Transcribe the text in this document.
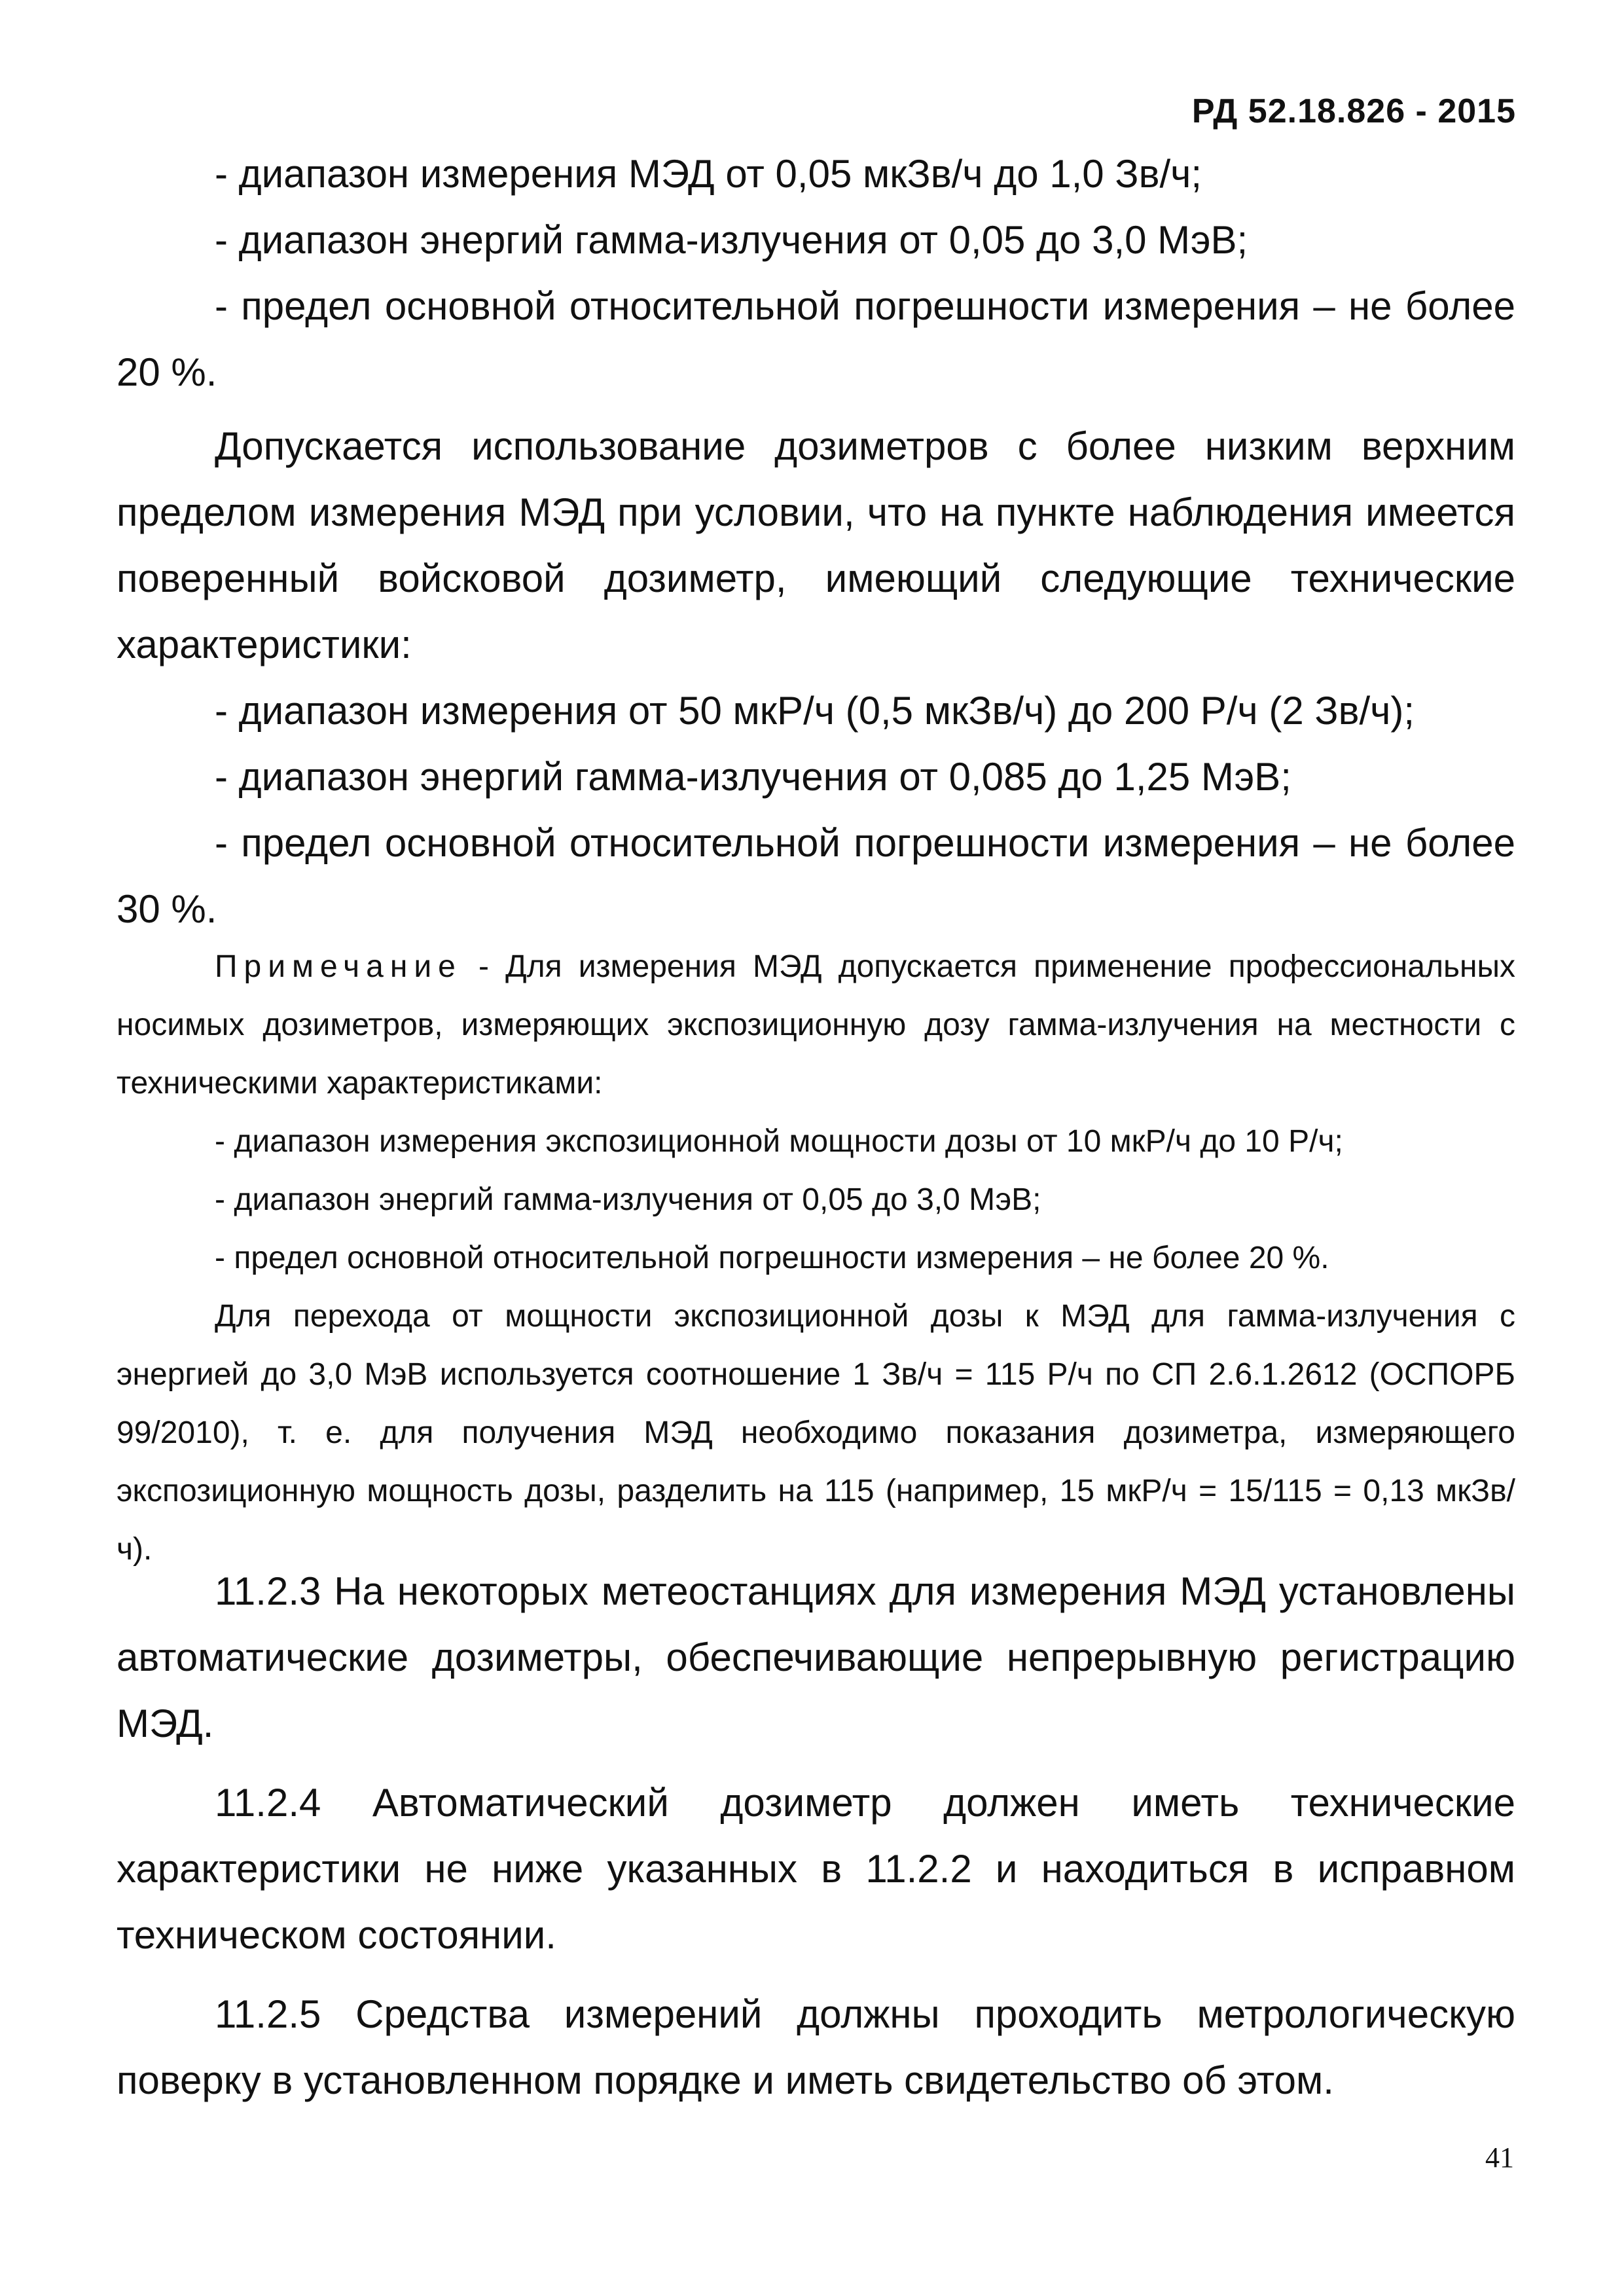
РД 52.18.826 - 2015

- диапазон измерения МЭД от 0,05 мкЗв/ч до 1,0 Зв/ч;

- диапазон энергий гамма-излучения от 0,05 до 3,0 МэВ;

- предел основной относительной погрешности измерения – не более 20 %.

Допускается использование дозиметров с более низким верхним пределом измерения МЭД при условии, что на пункте наблюдения имеется поверенный войсковой дозиметр, имеющий следующие технические характеристики:

- диапазон измерения от 50 мкР/ч (0,5 мкЗв/ч) до 200 Р/ч (2 Зв/ч);

- диапазон энергий гамма-излучения от 0,085 до 1,25 МэВ;

- предел основной относительной погрешности измерения – не более 30 %.

Примечание - Для измерения МЭД допускается применение профессиональных носимых дозиметров, измеряющих экспозиционную дозу гамма-излучения на местности с техническими характеристиками:

- диапазон измерения экспозиционной мощности дозы от 10 мкР/ч до 10 Р/ч;

- диапазон энергий гамма-излучения от 0,05 до 3,0 МэВ;

- предел основной относительной погрешности измерения – не более 20 %.

Для перехода от мощности экспозиционной дозы к МЭД для гамма-излучения с энергией до 3,0 МэВ используется соотношение 1 Зв/ч = 115 Р/ч по СП 2.6.1.2612 (ОСПОРБ 99/2010), т. е. для получения МЭД необходимо показания дозиметра, измеряющего экспозиционную мощность дозы, разделить на 115 (например, 15 мкР/ч = 15/115 = 0,13 мкЗв/ч).

11.2.3 На некоторых метеостанциях для измерения МЭД установлены автоматические дозиметры, обеспечивающие непрерывную регистрацию МЭД.

11.2.4 Автоматический дозиметр должен иметь технические характеристики не ниже указанных в 11.2.2 и находиться в исправном техническом состоянии.

11.2.5 Средства измерений должны проходить метрологическую поверку в установленном порядке и иметь свидетельство об этом.

41
